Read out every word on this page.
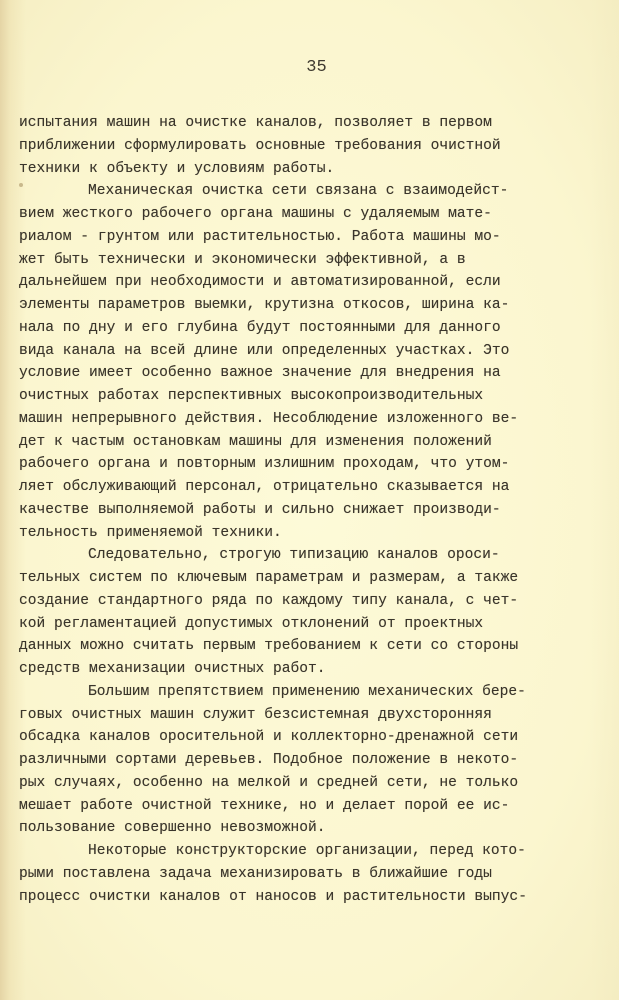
35
испытания машин на очистке каналов, позволяет в первом
приближении сформулировать основные требования очистной
техники к объекту и условиям работы.
Механическая очистка сети связана с взаимодейст-
вием жесткого рабочего органа машины с удаляемым мате-
риалом - грунтом или растительностью. Работа машины мо-
жет быть технически и экономически эффективной, а в
дальнейшем при необходимости и автоматизированной, если
элементы параметров выемки, крутизна откосов, ширина ка-
нала по дну и его глубина будут постоянными для данного
вида канала на всей длине или определенных участках. Это
условие имеет особенно важное значение для внедрения на
очистных работах перспективных высокопроизводительных
машин непрерывного действия. Несоблюдение изложенного ве-
дет к частым остановкам машины для изменения положений
рабочего органа и повторным излишним проходам, что утом-
ляет обслуживающий персонал, отрицательно сказывается на
качестве выполняемой работы и сильно снижает производи-
тельность применяемой техники.
Следовательно, строгую типизацию каналов ороси-
тельных систем по ключевым параметрам и размерам, а также
создание стандартного ряда по каждому типу канала, с чет-
кой регламентацией допустимых отклонений от проектных
данных можно считать первым требованием к сети со стороны
средств механизации очистных работ.
Большим препятствием применению механических бере-
говых очистных машин служит безсистемная двухсторонняя
обсадка каналов оросительной и коллекторно-дренажной сети
различными сортами деревьев. Подобное положение в некото-
рых случаях, особенно на мелкой и средней сети, не только
мешает работе очистной технике, но и делает порой ее ис-
пользование совершенно невозможной.
Некоторые конструкторские организации, перед кото-
рыми поставлена задача механизировать в ближайшие годы
процесс очистки каналов от наносов и растительности выпус-
